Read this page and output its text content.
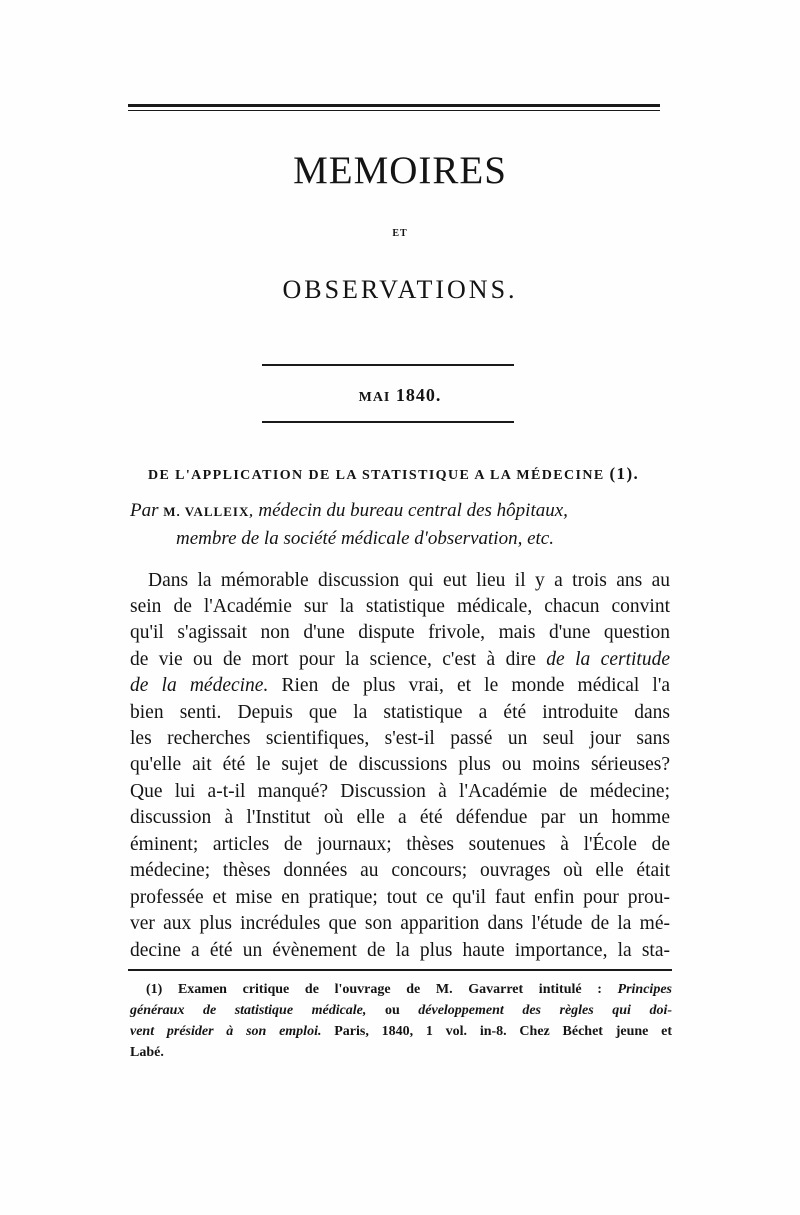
MEMOIRES
ET
OBSERVATIONS.
MAI 1840.
DE L'APPLICATION DE LA STATISTIQUE A LA MÉDECINE (1).
Par M. VALLEIX, médecin du bureau central des hôpitaux,
membre de la société médicale d'observation, etc.
Dans la mémorable discussion qui eut lieu il y a trois ans au
sein de l'Académie sur la statistique médicale, chacun convint
qu'il s'agissait non d'une dispute frivole, mais d'une question
de vie ou de mort pour la science, c'est à dire de la certitude
de la médecine. Rien de plus vrai, et le monde médical l'a
bien senti. Depuis que la statistique a été introduite dans
les recherches scientifiques, s'est-il passé un seul jour sans
qu'elle ait été le sujet de discussions plus ou moins sérieuses?
Que lui a-t-il manqué? Discussion à l'Académie de médecine;
discussion à l'Institut où elle a été défendue par un homme
éminent; articles de journaux; thèses soutenues à l'École de
médecine; thèses données au concours; ouvrages où elle était
professée et mise en pratique; tout ce qu'il faut enfin pour prou-
ver aux plus incrédules que son apparition dans l'étude de la mé-
decine a été un évènement de la plus haute importance, la sta-
(1) Examen critique de l'ouvrage de M. Gavarret intitulé : Principes
généraux de statistique médicale, ou développement des règles qui doi-
vent présider à son emploi. Paris, 1840, 1 vol. in-8. Chez Béchet jeune et
Labé.
